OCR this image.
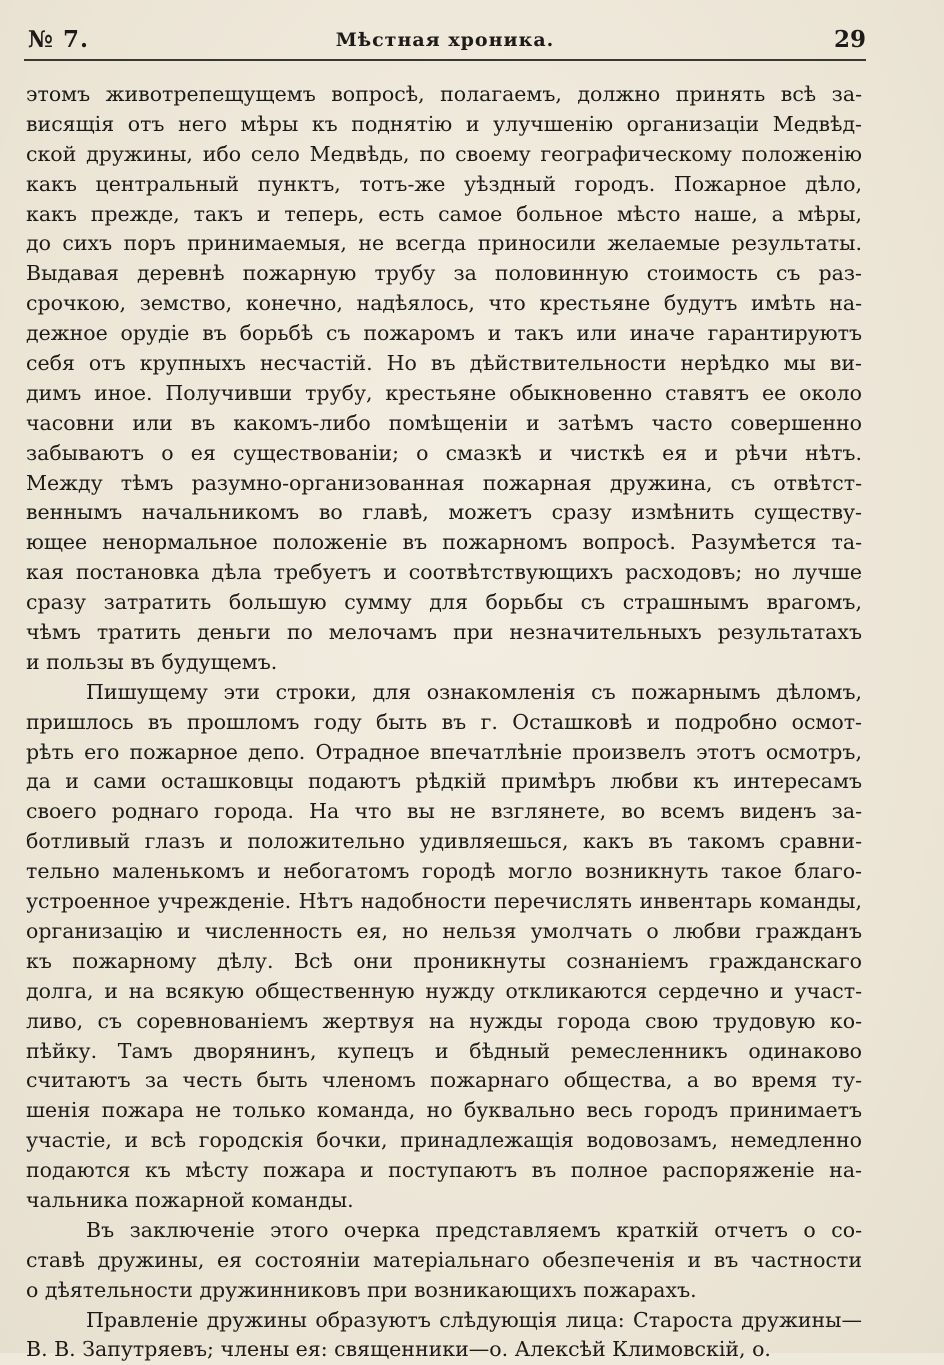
№ 7.	Мѣстная хроника.	29
этомъ животрепещущемъ вопросѣ, полагаемъ, должно принять всѣ за-
висящія отъ него мѣры къ поднятію и улучшенію организаціи Медвѣд-
ской дружины, ибо село Медвѣдь, по своему географическому положенію
какъ центральный пунктъ, тотъ-же уѣздный городъ. Пожарное дѣло,
какъ прежде, такъ и теперь, есть самое больное мѣсто наше, а мѣры,
до сихъ поръ принимаемыя, не всегда приносили желаемые результаты.
Выдавая деревнѣ пожарную трубу за половинную стоимость съ раз-
срочкою, земство, конечно, надѣялось, что крестьяне будутъ имѣть на-
дежное орудіе въ борьбѣ съ пожаромъ и такъ или иначе гарантируютъ
себя отъ крупныхъ несчастій. Но въ дѣйствительности нерѣдко мы ви-
димъ иное. Получивши трубу, крестьяне обыкновенно ставятъ ее около
часовни или въ какомъ-либо помѣщеніи и затѣмъ часто совершенно
забываютъ о ея существованіи; о смазкѣ и чисткѣ ея и рѣчи нѣтъ.
Между тѣмъ разумно-организованная пожарная дружина, съ отвѣтст-
веннымъ начальникомъ во главѣ, можетъ сразу измѣнить существу-
ющее ненормальное положеніе въ пожарномъ вопросѣ. Разумѣется та-
кая постановка дѣла требуетъ и соотвѣтствующихъ расходовъ; но лучше
сразу затратить большую сумму для борьбы съ страшнымъ врагомъ,
чѣмъ тратить деньги по мелочамъ при незначительныхъ результатахъ
и пользы въ будущемъ.
Пишущему эти строки, для ознакомленія съ пожарнымъ дѣломъ,
пришлось въ прошломъ году быть въ г. Осташковѣ и подробно осмот-
рѣть его пожарное депо. Отрадное впечатлѣніе произвелъ этотъ осмотръ,
да и сами осташковцы подаютъ рѣдкій примѣръ любви къ интересамъ
своего роднаго города. На что вы не взглянете, во всемъ виденъ за-
ботливый глазъ и положительно удивляешься, какъ въ такомъ сравни-
тельно маленькомъ и небогатомъ городѣ могло возникнуть такое благо-
устроенное учрежденіе. Нѣтъ надобности перечислять инвентарь команды,
организацію и численность ея, но нельзя умолчать о любви гражданъ
къ пожарному дѣлу. Всѣ они проникнуты сознаніемъ гражданскаго
долга, и на всякую общественную нужду откликаются сердечно и участ-
ливо, съ соревнованіемъ жертвуя на нужды города свою трудовую ко-
пѣйку. Тамъ дворянинъ, купецъ и бѣдный ремесленникъ одинаково
считаютъ за честь быть членомъ пожарнаго общества, а во время ту-
шенія пожара не только команда, но буквально весь городъ принимаетъ
участіе, и всѣ городскія бочки, принадлежащія водовозамъ, немедленно
подаются къ мѣсту пожара и поступаютъ въ полное распоряженіе на-
чальника пожарной команды.
Въ заключеніе этого очерка представляемъ краткій отчетъ о со-
ставѣ дружины, ея состояніи матеріальнаго обезпеченія и въ частности
о дѣятельности дружинниковъ при возникающихъ пожарахъ.
Правленіе дружины образуютъ слѣдующія лица: Староста дружины—
В. В. Запутряевъ; члены ея: священники—о. Алексѣй Климовскій, о.
